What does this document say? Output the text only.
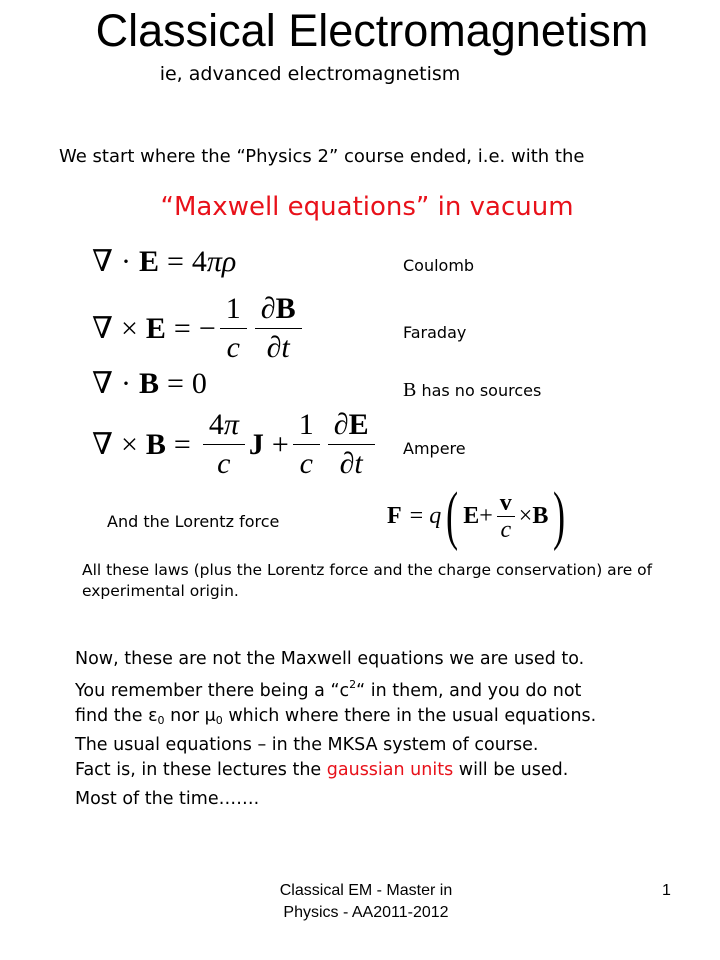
Classical Electromagnetism
ie, advanced electromagnetism
We start where the “Physics 2” course ended, i.e. with the
“Maxwell equations” in vacuum
∇ · E = 4 πρ	Coulomb
∇ × E = − $\frac{1}{c} \frac{\partial B}{\partial t}$	Faraday
∇ · B = 0	B has no sources
∇ × $B = \frac{4\pi}{c}$ $J + \frac{1}{c} \frac{\partial E}{\partial t}$ Ampere
And the Lorentz force	F = q ( $E + \frac{v}{c} \times B$ )
All these laws (plus the Lorentz force and the charge conservation) are of experimental origin.
Now, these are not the Maxwell equations we are used to.
You remember there being a “$c^2“$ in them, and you do not
find the $\varepsilon_0$ nor $\mu_0$ which where there in the usual equations.
The usual equations – in the MKSA system of course.
Fact is, in these lectures the gaussian units will be used.
Most of the time…….
Classical EM - Master in
Physics - AA2011-2012
1
